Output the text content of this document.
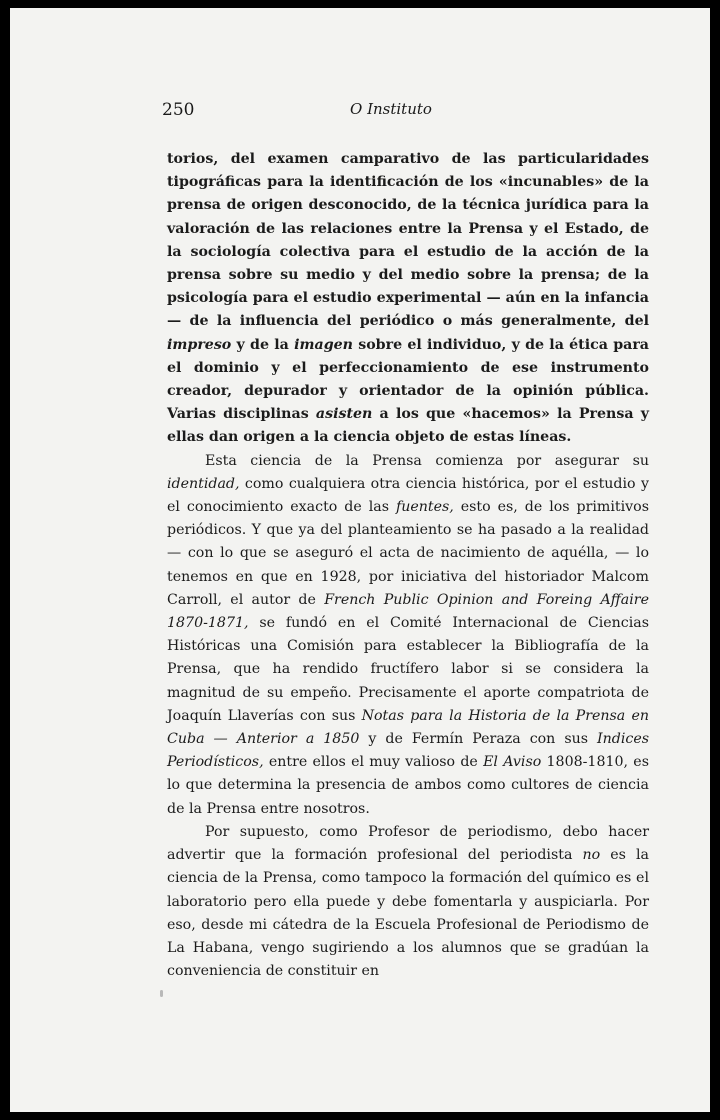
250	O Instituto

torios, del examen camparativo de las particularidades tipográficas para la identificación de los «incunables» de la prensa de origen desconocido, de la técnica jurídica para la valoración de las relaciones entre la Prensa y el Estado, de la sociología colectiva para el estudio de la acción de la prensa sobre su medio y del medio sobre la prensa; de la psicología para el estudio experimental — aún en la infancia — de la influencia del periódico o más generalmente, del impreso y de la imagen sobre el individuo, y de la ética para el dominio y el perfeccionamiento de ese instrumento creador, depurador y orientador de la opinión pública. Varias disciplinas asisten a los que «hacemos» la Prensa y ellas dan origen a la ciencia objeto de estas líneas.

Esta ciencia de la Prensa comienza por asegurar su identidad, como cualquiera otra ciencia histórica, por el estudio y el conocimiento exacto de las fuentes, esto es, de los primitivos periódicos. Y que ya del planteamiento se ha pasado a la realidad — con lo que se aseguró el acta de nacimiento de aquélla, — lo tenemos en que en 1928, por iniciativa del historiador Malcom Carroll, el autor de French Public Opinion and Foreing Affaire 1870-1871, se fundó en el Comité Internacional de Ciencias Históricas una Comisión para establecer la Bibliografía de la Prensa, que ha rendido fructífero labor si se considera la magnitud de su empeño. Precisamente el aporte compatriota de Joaquín Llaverías con sus Notas para la Historia de la Prensa en Cuba — Anterior a 1850 y de Fermín Peraza con sus Indices Periodísticos, entre ellos el muy valioso de El Aviso 1808-1810, es lo que determina la presencia de ambos como cultores de ciencia de la Prensa entre nosotros.

Por supuesto, como Profesor de periodismo, debo hacer advertir que la formación profesional del periodista no es la ciencia de la Prensa, como tampoco la formación del químico es el laboratorio pero ella puede y debe fomentarla y auspiciarla. Por eso, desde mi cátedra de la Escuela Profesional de Periodismo de La Habana, vengo sugiriendo a los alumnos que se gradúan la conveniencia de constituir en
